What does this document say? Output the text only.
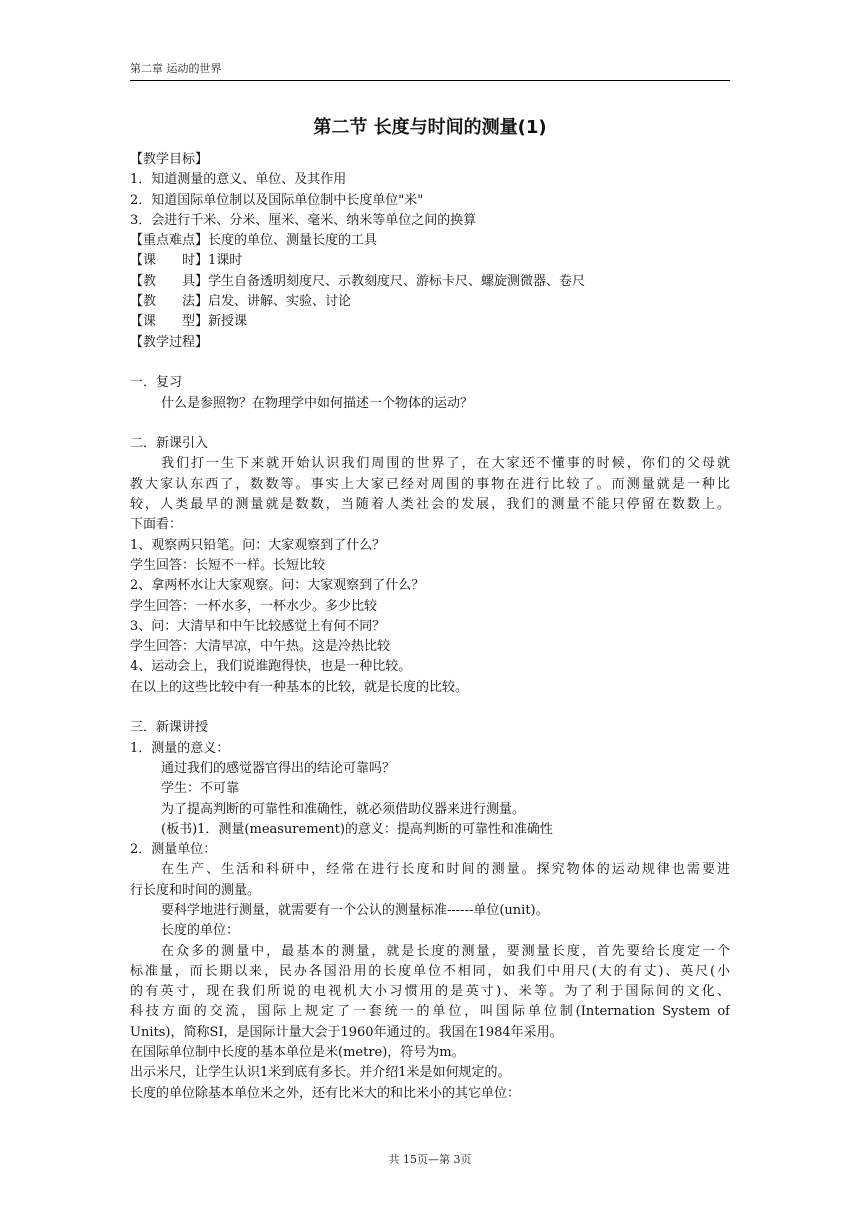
第二章 运动的世界
第二节 长度与时间的测量(1)
【教学目标】
1．知道测量的意义、单位、及其作用
2．知道国际单位制以及国际单位制中长度单位"米"
3．会进行千米、分米、厘米、毫米、纳米等单位之间的换算
【重点难点】长度的单位、测量长度的工具
【课　　时】1课时
【教　　具】学生自备透明刻度尺、示教刻度尺、游标卡尺、螺旋测微器、卷尺
【教　　法】启发、讲解、实验、讨论
【课　　型】新授课
【教学过程】
一．复习
什么是参照物？在物理学中如何描述一个物体的运动？
二．新课引入
我们打一生下来就开始认识我们周围的世界了，在大家还不懂事的时候，你们的父母就
教大家认东西了，数数等。事实上大家已经对周围的事物在进行比较了。而测量就是一种比
较，人类最早的测量就是数数，当随着人类社会的发展，我们的测量不能只停留在数数上。
下面看：
1、观察两只铅笔。问：大家观察到了什么？
学生回答：长短不一样。长短比较
2、拿两杯水让大家观察。问：大家观察到了什么？
学生回答：一杯水多，一杯水少。多少比较
3、问：大清早和中午比较感觉上有何不同？
学生回答：大清早凉，中午热。这是冷热比较
4、运动会上，我们说谁跑得快，也是一种比较。
在以上的这些比较中有一种基本的比较，就是长度的比较。
三．新课讲授
1．测量的意义：
通过我们的感觉器官得出的结论可靠吗？
学生：不可靠
为了提高判断的可靠性和准确性，就必须借助仪器来进行测量。
(板书)1．测量(measurement)的意义：提高判断的可靠性和准确性
2．测量单位：
在生产、生活和科研中，经常在进行长度和时间的测量。探究物体的运动规律也需要进
行长度和时间的测量。
要科学地进行测量，就需要有一个公认的测量标准------单位(unit)。
长度的单位：
在众多的测量中，最基本的测量，就是长度的测量，要测量长度，首先要给长度定一个
标准量，而长期以来，民办各国沿用的长度单位不相同，如我们中用尺(大的有丈)、英尺(小
的有英寸，现在我们所说的电视机大小习惯用的是英寸)、米等。为了利于国际间的文化、
科技方面的交流，国际上规定了一套统一的单位，叫国际单位制(Internation System of
Units)，简称SI，是国际计量大会于1960年通过的。我国在1984年采用。
在国际单位制中长度的基本单位是米(metre)，符号为m。
出示米尺，让学生认识1米到底有多长。并介绍1米是如何规定的。
长度的单位除基本单位米之外，还有比米大的和比米小的其它单位：
共 15页—第 3页
